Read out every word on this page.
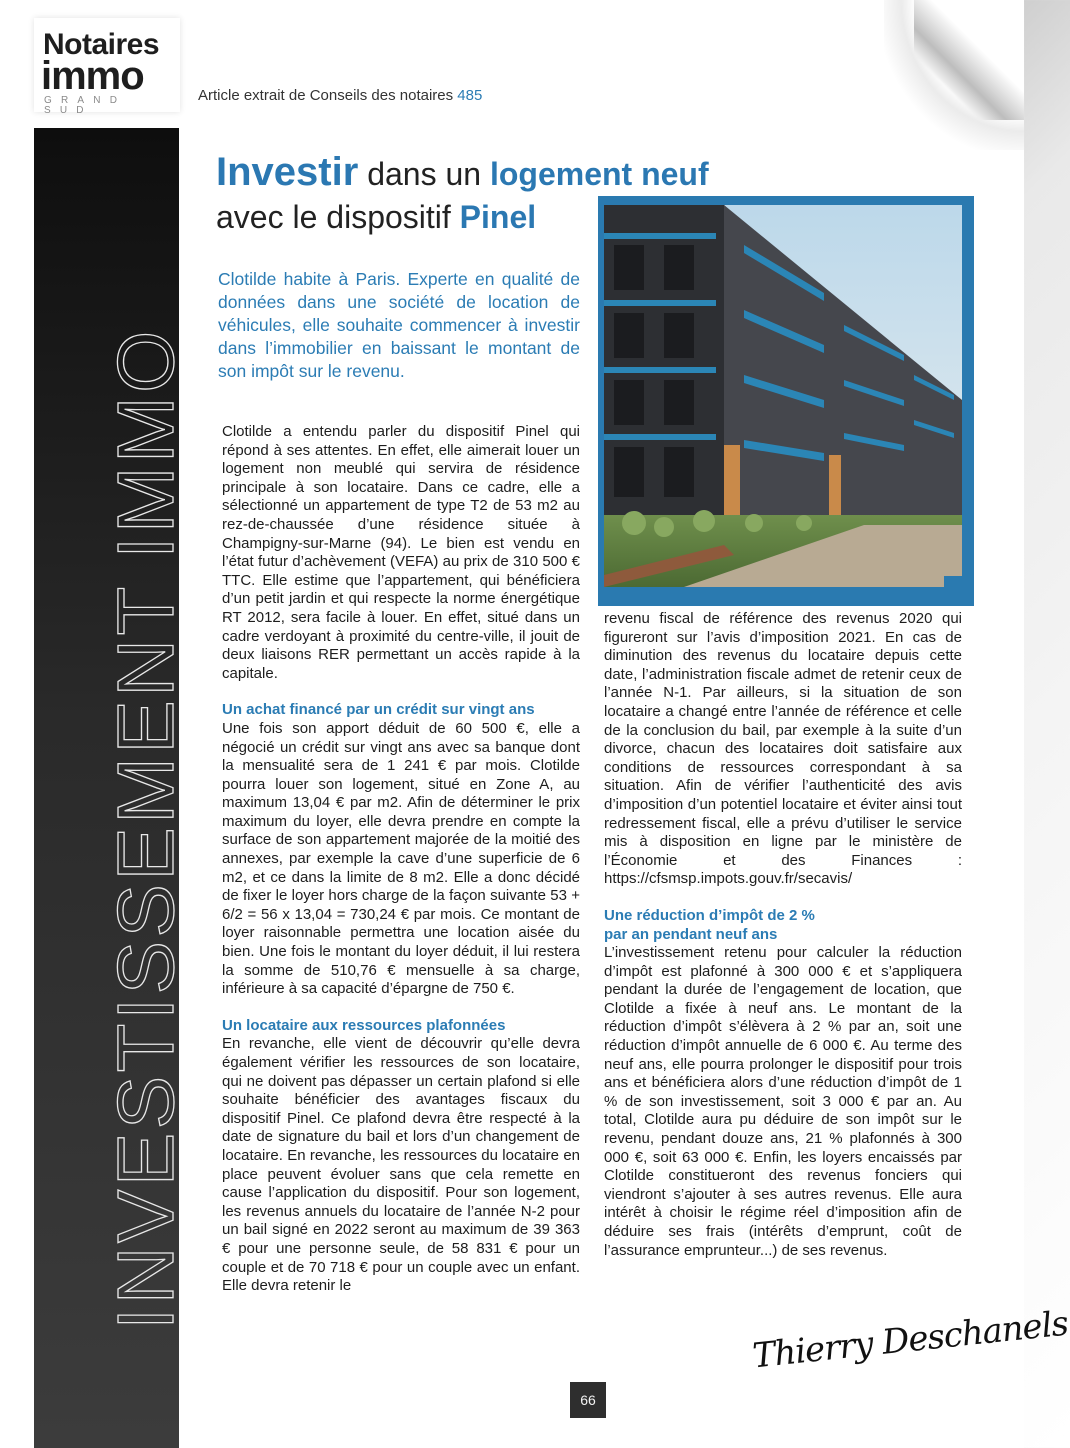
Notaires
immo
GRAND SUD
Article extrait de Conseils des notaires 485
INVESTISSEMENT IMMO
Investir dans un logement neuf
avec le dispositif Pinel
Clotilde habite à Paris. Experte en qualité de données dans une société de location de véhicules, elle souhaite commencer à investir dans l’immobilier en baissant le montant de son impôt sur le revenu.

Clotilde a entendu parler du dispositif Pinel qui répond à ses attentes. En effet, elle aimerait louer un logement non meublé qui servira de résidence principale à son locataire. Dans ce cadre, elle a sélectionné un appartement de type T2 de 53 m2 au rez-de-chaussée d’une résidence située à Champigny-sur-Marne (94). Le bien est vendu en l’état futur d’achèvement (VEFA) au prix de 310 500 € TTC. Elle estime que l’appartement, qui bénéficiera d’un petit jardin et qui respecte la norme énergétique RT 2012, sera facile à louer. En effet, situé dans un cadre verdoyant à proximité du centre-ville, il jouit de deux liaisons RER permettant un accès rapide à la capitale.

Un achat financé par un crédit sur vingt ans

Une fois son apport déduit de 60 500 €, elle a négocié un crédit sur vingt ans avec sa banque dont la mensualité sera de 1 241 € par mois. Clotilde pourra louer son logement, situé en Zone A, au maximum 13,04 € par m2. Afin de déterminer le prix maximum du loyer, elle devra prendre en compte la surface de son appartement majorée de la moitié des annexes, par exemple la cave d’une superficie de 6 m2, et ce dans la limite de 8 m2. Elle a donc décidé de fixer le loyer hors charge de la façon suivante 53 + 6/2 = 56 x 13,04 = 730,24 € par mois. Ce montant de loyer raisonnable permettra une location aisée du bien. Une fois le montant du loyer déduit, il lui restera la somme de 510,76 € mensuelle à sa charge, inférieure à sa capacité d’épargne de 750 €.

Un locataire aux ressources plafonnées

En revanche, elle vient de découvrir qu’elle devra également vérifier les ressources de son locataire, qui ne doivent pas dépasser un certain plafond si elle souhaite bénéficier des avantages fiscaux du dispositif Pinel. Ce plafond devra être respecté à la date de signature du bail et lors d’un changement de locataire. En revanche, les ressources du locataire en place peuvent évoluer sans que cela remette en cause l’application du dispositif. Pour son logement, les revenus annuels du locataire de l’année N-2 pour un bail signé en 2022 seront au maximum de 39 363 € pour une personne seule, de 58 831 € pour un couple et de 70 718 € pour un couple avec un enfant. Elle devra retenir le

revenu fiscal de référence des revenus 2020 qui figureront sur l’avis d’imposition 2021. En cas de diminution des revenus du locataire depuis cette date, l’administration fiscale admet de retenir ceux de l’année N-1. Par ailleurs, si la situation de son locataire a changé entre l’année de référence et celle de la conclusion du bail, par exemple à la suite d’un divorce, chacun des locataires doit satisfaire aux conditions de ressources correspondant à sa situation. Afin de vérifier l’authenticité des avis d’imposition d’un potentiel locataire et éviter ainsi tout redressement fiscal, elle a prévu d’utiliser le service mis à disposition en ligne par le ministère de l’Économie et des Finances : https://cfsmsp.impots.gouv.fr/secavis/

Une réduction d’impôt de 2 %
par an pendant neuf ans

L’investissement retenu pour calculer la réduction d’impôt est plafonné à 300 000 € et s’appliquera pendant la durée de l’engagement de location, que Clotilde a fixée à neuf ans. Le montant de la réduction d’impôt s’élèvera à 2 % par an, soit une réduction d’impôt annuelle de 6 000 €. Au terme des neuf ans, elle pourra prolonger le dispositif pour trois ans et bénéficiera alors d’une réduction d’impôt de 1 % de son investissement, soit 3 000 € par an. Au total, Clotilde aura pu déduire de son impôt sur le revenu, pendant douze ans, 21 % plafonnés à 300 000 €, soit 63 000 €. Enfin, les loyers encaissés par Clotilde constitueront des revenus fonciers qui viendront s’ajouter à ses autres revenus. Elle aura intérêt à choisir le régime réel d’imposition afin de déduire ses frais (intérêts d’emprunt, coût de l’assurance emprunteur...) de ses revenus.

Thierry Deschanels
66
